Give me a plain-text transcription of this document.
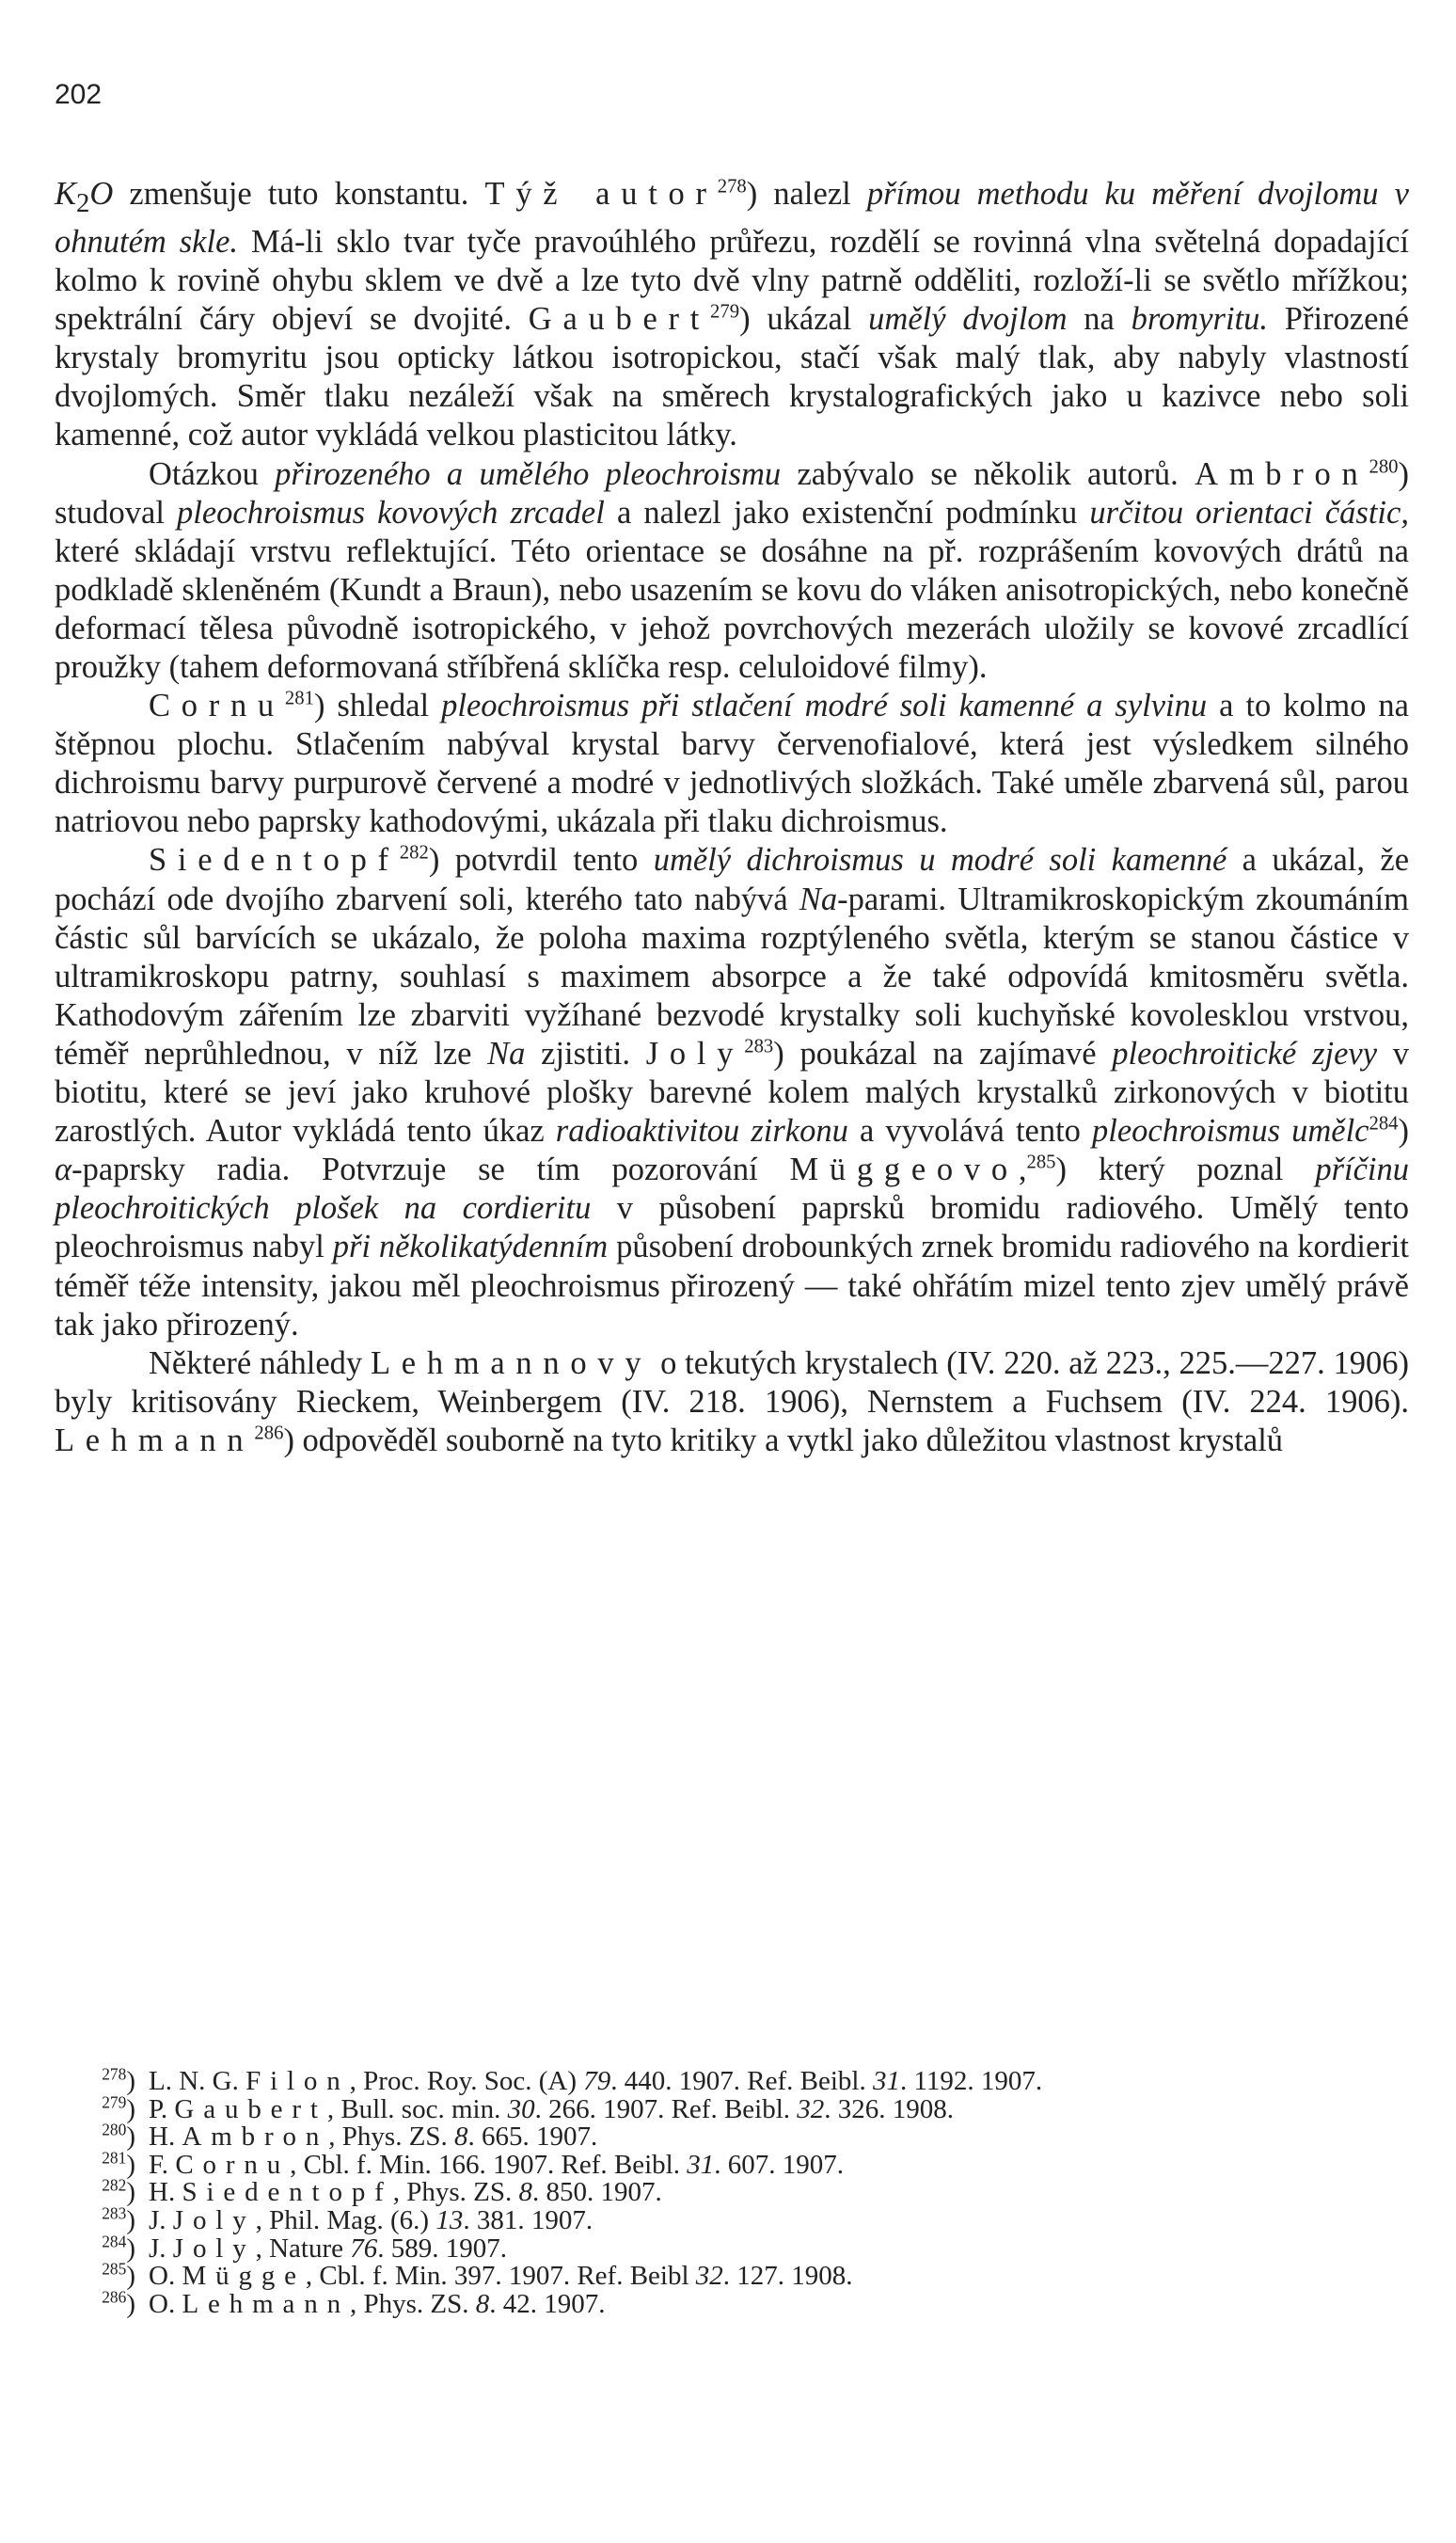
202

$K_2O$ zmenšuje tuto konstantu. Týž autor$^{278}$) nalezl přímou methodu ku měření dvojlomu v ohnutém skle. Má-li sklo tvar tyče pravoúhlého průřezu, rozdělí se rovinná vlna světelná dopadající kolmo k rovině ohybu sklem ve dvě a lze tyto dvě vlny patrně odděliti, rozloží-li se světlo mřížkou; spektrální čáry objeví se dvojité. Gaubert$^{279}$) ukázal umělý dvojlom na bromyritu. Přirozené krystaly bromyritu jsou opticky látkou isotropickou, stačí však malý tlak, aby nabyly vlastností dvojlomých. Směr tlaku nezáleží však na směrech krystalografických jako u kazivce nebo soli kamenné, což autor vykládá velkou plasticitou látky.

Otázkou přirozeného a umělého pleochroismu zabývalo se několik autorů. Ambron$^{280}$) studoval pleochroismus kovových zrcadel a nalezl jako existenční podmínku určitou orientaci částic, které skládají vrstvu reflektující. Této orientace se dosáhne na př. rozprášením kovových drátů na podkladě skleněném (Kundt a Braun), nebo usazením se kovu do vláken anisotropických, nebo konečně deformací tělesa původně isotropického, v jehož povrchových mezerách uložily se kovové zrcadlící proužky (tahem deformovaná stříbřená sklíčka resp. celuloidové filmy).

Cornu$^{281}$) shledal pleochroismus při stlačení modré soli kamenné a sylvinu a to kolmo na štěpnou plochu. Stlačením nabýval krystal barvy červenofialové, která jest výsledkem silného dichroismu barvy purpurově červené a modré v jednotlivých složkách. Také uměle zbarvená sůl, parou natriovou nebo paprsky kathodovými, ukázala při tlaku dichroismus.

Siedentopf$^{282}$) potvrdil tento umělý dichroismus u modré soli kamenné a ukázal, že pochází ode dvojího zbarvení soli, kterého tato nabývá Na-parami. Ultramikroskopickým zkoumáním částic sůl barvících se ukázalo, že poloha maxima rozptýleného světla, kterým se stanou částice v ultramikroskopu patrny, souhlasí s maximem absorpce a že také odpovídá kmitosměru světla. Kathodovým zářením lze zbarviti vyžíhané bezvodé krystalky soli kuchyňské kovolesklou vrstvou, téměř neprůhlednou, v níž lze Na zjistiti. Joly$^{283}$) poukázal na zajímavé pleochroitické zjevy v biotitu, které se jeví jako kruhové plošky barevné kolem malých krystalků zirkonových v biotitu zarostlých. Autor vykládá tento úkaz radioaktivitou zirkonu a vyvolává tento pleochroismus umělc$^{284}$) α-paprsky radia. Potvrzuje se tím pozorování Müggeovo,$^{285}$) který poznal příčinu pleochroitických plošek na cordieritu v působení paprsků bromidu radiového. Umělý tento pleochroismus nabyl při několikatýdenním působení drobounkých zrnek bromidu radiového na kordierit téměř téže intensity, jakou měl pleochroismus přirozený — také ohřátím mizel tento zjev umělý právě tak jako přirozený.

Některé náhledy Lehmannovy o tekutých krystalech (IV. 220. až 223., 225.—227. 1906) byly kritisovány Rieckem, Weinbergem (IV. 218. 1906), Nernstem a Fuchsem (IV. 224. 1906). Lehmann$^{286}$) odpověděl souborně na tyto kritiky a vytkl jako důležitou vlastnost krystalů

$^{278}$) L. N. G. Filon, Proc. Roy. Soc. (A) 79. 440. 1907. Ref. Beibl. 31. 1192. 1907.

$^{279}$) P. Gaubert, Bull. soc. min. 30. 266. 1907. Ref. Beibl. 32. 326. 1908.

$^{280}$) H. Ambron, Phys. ZS. 8. 665. 1907.

$^{281}$) F. Cornu, Cbl. f. Min. 166. 1907. Ref. Beibl. 31. 607. 1907.

$^{282}$) H. Siedentopf, Phys. ZS. 8. 850. 1907.

$^{283}$) J. Joly, Phil. Mag. (6.) 13. 381. 1907.

$^{284}$) J. Joly, Nature 76. 589. 1907.

$^{285}$) O. Mügge, Cbl. f. Min. 397. 1907. Ref. Beibl 32. 127. 1908.

$^{286}$) O. Lehmann, Phys. ZS. 8. 42. 1907.
